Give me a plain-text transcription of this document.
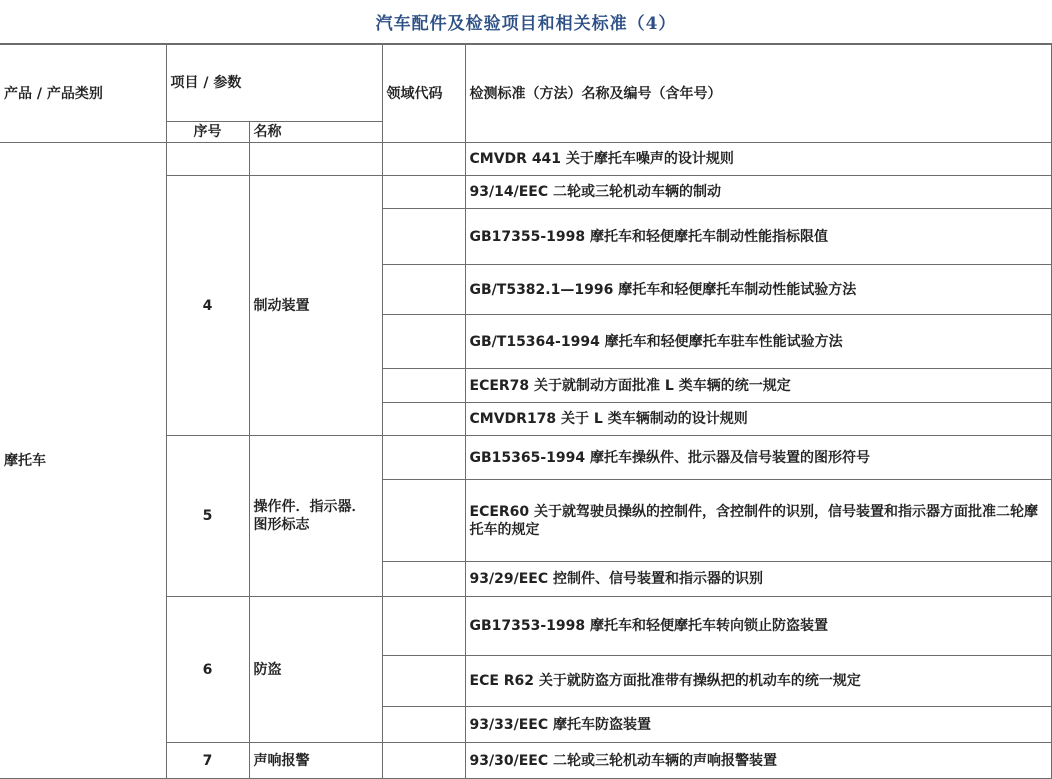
汽车配件及检验项目和相关标准（4）
产品 / 产品类别	项目 / 参数		领域代码	检测标准（方法）名称及编号（含年号）
	序号	名称		
摩托车				CMVDR 441 关于摩托车噪声的设计规则
	4	制动装置		93/14/EEC 二轮或三轮机动车辆的制动
				GB17355-1998 摩托车和轻便摩托车制动性能指标限值
				GB/T5382.1—1996 摩托车和轻便摩托车制动性能试验方法
				GB/T15364-1994 摩托车和轻便摩托车驻车性能试验方法
				ECER78 关于就制动方面批准 L 类车辆的统一规定
				CMVDR178 关于 L 类车辆制动的设计规则
	5	操作件．指示器．图形标志		GB15365-1994 摩托车操纵件、批示器及信号装置的图形符号
				ECER60 关于就驾驶员操纵的控制件，含控制件的识别，信号装置和指示器方面批准二轮摩托车的规定
				93/29/EEC 控制件、信号装置和指示器的识别
	6	防盗		GB17353-1998 摩托车和轻便摩托车转向锁止防盗装置
				ECE R62 关于就防盗方面批准带有操纵把的机动车的统一规定
				93/33/EEC 摩托车防盗装置
	7	声响报警		93/30/EEC 二轮或三轮机动车辆的声响报警装置
